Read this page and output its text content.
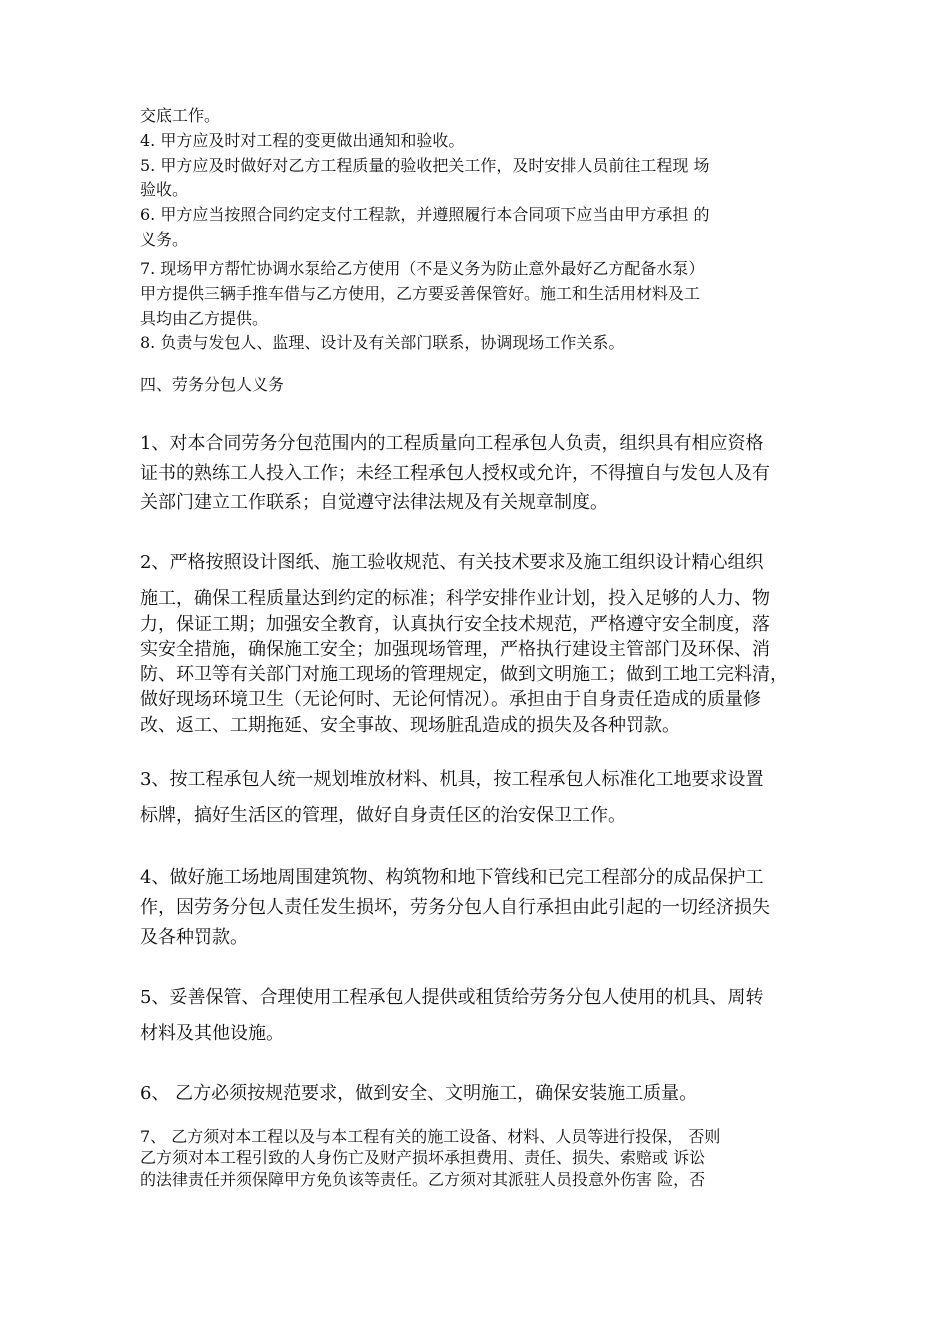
交底工作。
4. 甲方应及时对工程的变更做出通知和验收。
5. 甲方应及时做好对乙方工程质量的验收把关工作，及时安排人员前往工程现 场
验收。
6. 甲方应当按照合同约定支付工程款，并遵照履行本合同项下应当由甲方承担 的
义务。
7. 现场甲方帮忙协调水泵给乙方使用（不是义务为防止意外最好乙方配备水泵）
甲方提供三辆手推车借与乙方使用，乙方要妥善保管好。施工和生活用材料及工
具均由乙方提供。
8. 负责与发包人、监理、设计及有关部门联系，协调现场工作关系。
四、劳务分包人义务
1、对本合同劳务分包范围内的工程质量向工程承包人负责，组织具有相应资格
证书的熟练工人投入工作；未经工程承包人授权或允许，不得擅自与发包人及有
关部门建立工作联系；自觉遵守法律法规及有关规章制度。
2、严格按照设计图纸、施工验收规范、有关技术要求及施工组织设计精心组织
施工，确保工程质量达到约定的标准；科学安排作业计划，投入足够的人力、物
力，保证工期；加强安全教育，认真执行安全技术规范，严格遵守安全制度，落
实安全措施，确保施工安全；加强现场管理，严格执行建设主管部门及环保、消
防、环卫等有关部门对施工现场的管理规定，做到文明施工；做到工地工完料清，
做好现场环境卫生（无论何时、无论何情况）。承担由于自身责任造成的质量修
改、返工、工期拖延、安全事故、现场脏乱造成的损失及各种罚款。
3、按工程承包人统一规划堆放材料、机具，按工程承包人标准化工地要求设置
标牌，搞好生活区的管理，做好自身责任区的治安保卫工作。
4、做好施工场地周围建筑物、构筑物和地下管线和已完工程部分的成品保护工
作，因劳务分包人责任发生损坏，劳务分包人自行承担由此引起的一切经济损失
及各种罚款。
5、妥善保管、合理使用工程承包人提供或租赁给劳务分包人使用的机具、周转
材料及其他设施。
6、 乙方必须按规范要求，做到安全、文明施工，确保安装施工质量。
7、 乙方须对本工程以及与本工程有关的施工设备、材料、人员等进行投保， 否则
乙方须对本工程引致的人身伤亡及财产损坏承担费用、责任、损失、索赔或 诉讼
的法律责任并须保障甲方免负该等责任。乙方须对其派驻人员投意外伤害 险，否
